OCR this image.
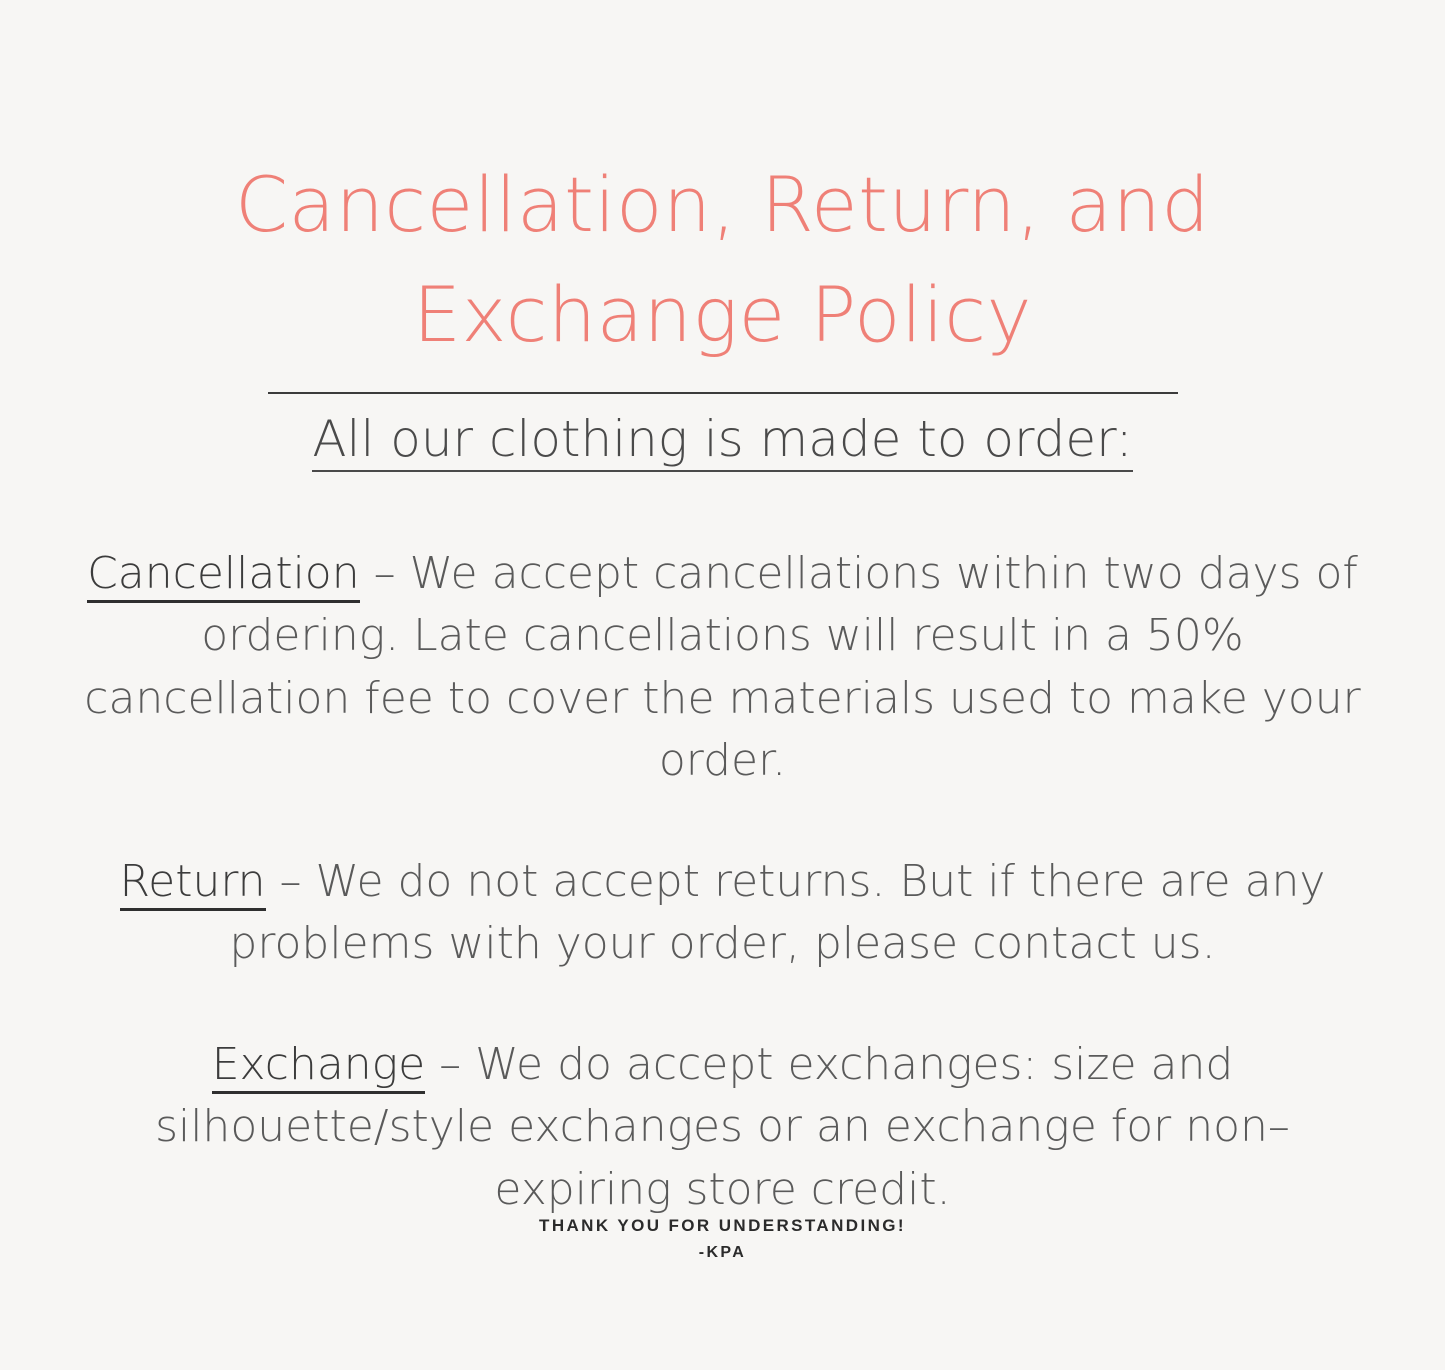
Cancellation, Return, and Exchange Policy
All our clothing is made to order:

Cancellation – We accept cancellations within two days of ordering. Late cancellations will result in a 50% cancellation fee to cover the materials used to make your order.

Return – We do not accept returns. But if there are any problems with your order, please contact us.

Exchange – We do accept exchanges: size and silhouette/style exchanges or an exchange for non–expiring store credit.

THANK YOU FOR UNDERSTANDING!

-KPA
